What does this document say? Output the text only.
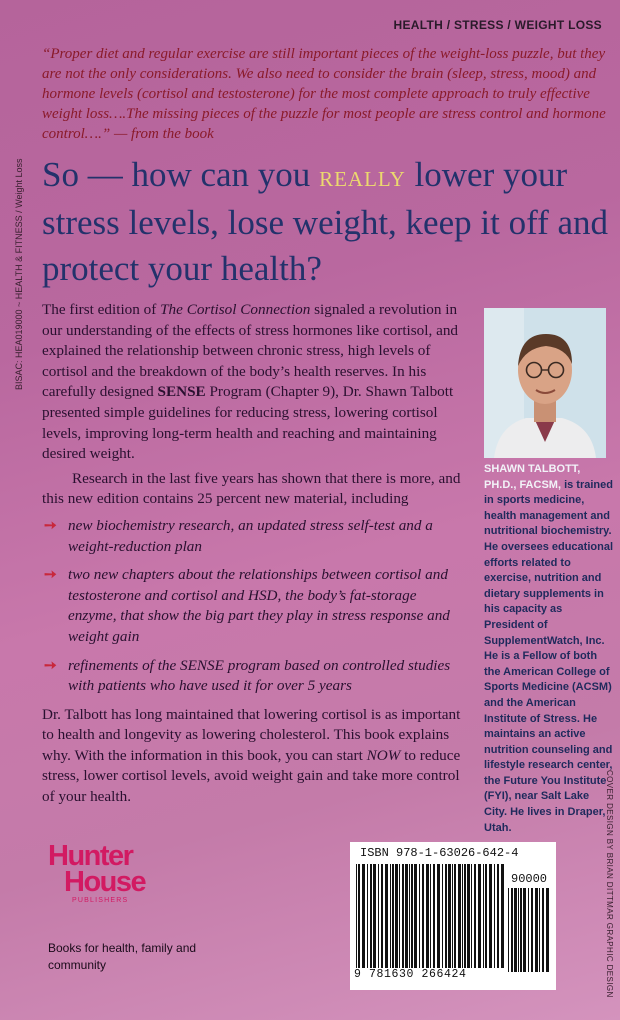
HEALTH / STRESS / WEIGHT LOSS
BISAC: HEA019000 ~ HEALTH & FITNESS / Weight Loss
COVER DESIGN BY BRIAN DITTMAR GRAPHIC DESIGN
“Proper diet and regular exercise are still important pieces of the weight-loss puzzle, but they are not the only considerations. We also need to consider the brain (sleep, stress, mood) and hormone levels (cortisol and testosterone) for the most complete approach to truly effective weight loss….The missing pieces of the puzzle for most people are stress control and hormone control….” — from the book
So — how can you really lower your stress levels, lose weight, keep it off and protect your health?

The first edition of The Cortisol Connection signaled a revolution in our understanding of the effects of stress hormones like cortisol, and explained the relationship between chronic stress, high levels of cortisol and the breakdown of the body’s health reserves. In his carefully designed SENSE Program (Chapter 9), Dr. Shawn Talbott presented simple guidelines for reducing stress, lowering cortisol levels, improving long-term health and reaching and maintaining desired weight.

Research in the last five years has shown that there is more, and this new edition contains 25 percent new material, including

➙ new biochemistry research, an updated stress self-test and a weight-reduction plan
➙ two new chapters about the relationships between cortisol and testosterone and cortisol and HSD, the body’s fat-storage enzyme, that show the big part they play in stress response and weight gain
➙ refinements of the SENSE program based on controlled studies with patients who have used it for over 5 years

Dr. Talbott has long maintained that lowering cortisol is as important to health and longevity as lowering cholesterol. This book explains why. With the information in this book, you can start NOW to reduce stress, lower cortisol levels, avoid weight gain and take more control of your health.

SHAWN TALBOTT, PH.D., FACSM, is trained in sports medicine, health management and nutritional biochemistry. He oversees educational efforts related to exercise, nutrition and dietary supplements in his capacity as President of SupplementWatch, Inc. He is a Fellow of both the American College of Sports Medicine (ACSM) and the American Institute of Stress. He maintains an active nutrition counseling and lifestyle research center, the Future You Institute (FYI), near Salt Lake City. He lives in Draper, Utah.
Hunter
House
PUBLISHERS
Books for health, family and community
ISBN 978-1-63026-642-4
90000
9 781630 266424
